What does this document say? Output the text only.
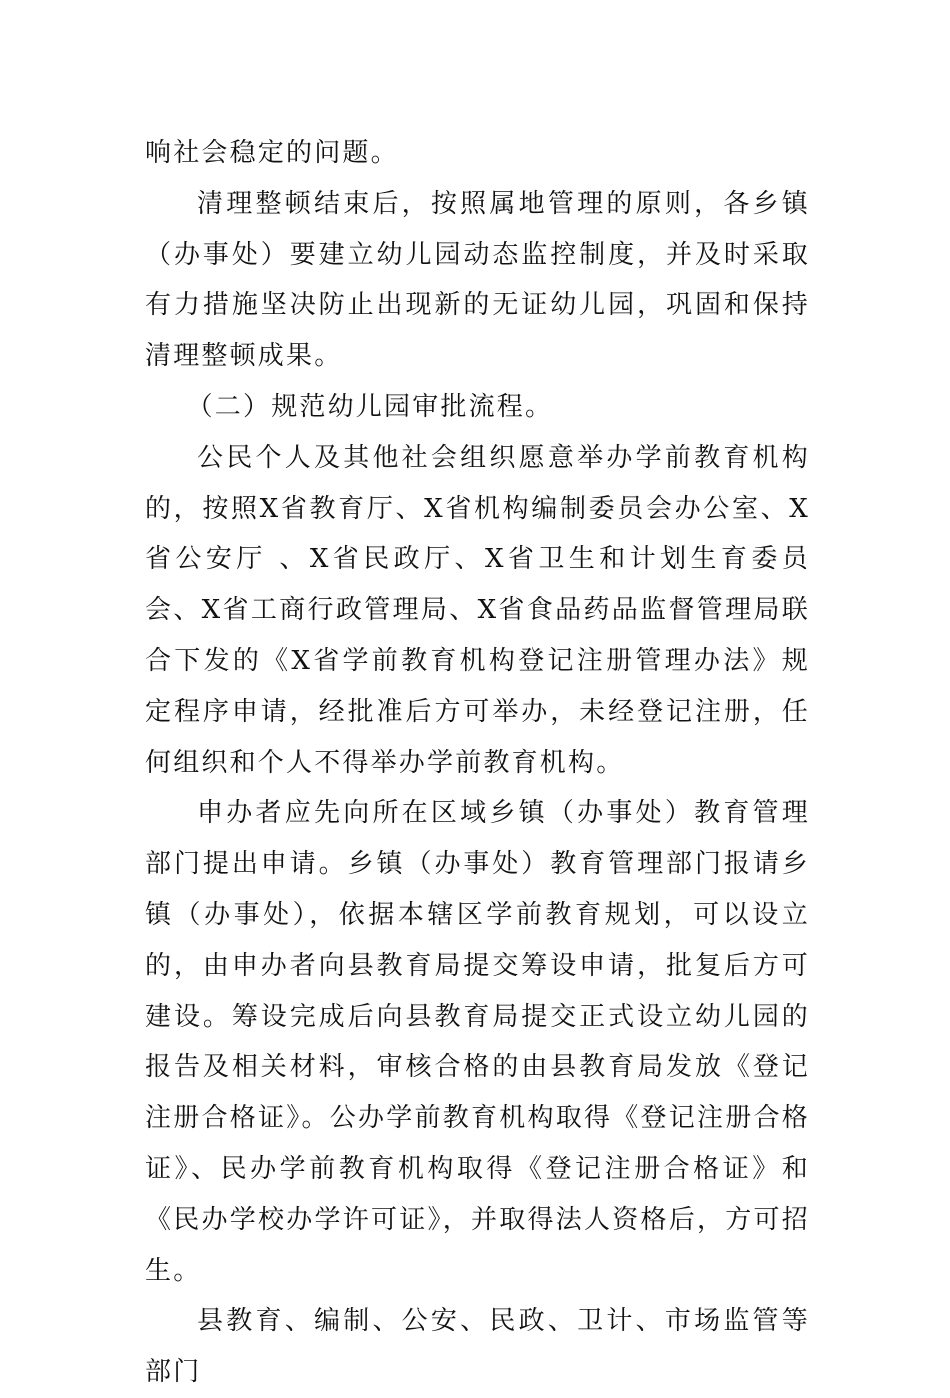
响社会稳定的问题。

清理整顿结束后，按照属地管理的原则，各乡镇（办事处）要建立幼儿园动态监控制度，并及时采取有力措施坚决防止出现新的无证幼儿园，巩固和保持清理整顿成果。

（二）规范幼儿园审批流程。

公民个人及其他社会组织愿意举办学前教育机构的，按照X省教育厅、X省机构编制委员会办公室、X省公安厅 、X省民政厅、X省卫生和计划生育委员会、X省工商行政管理局、X省食品药品监督管理局联合下发的《X省学前教育机构登记注册管理办法》规定程序申请，经批准后方可举办，未经登记注册，任何组织和个人不得举办学前教育机构。

申办者应先向所在区域乡镇（办事处）教育管理部门提出申请。乡镇（办事处）教育管理部门报请乡镇（办事处），依据本辖区学前教育规划，可以设立的，由申办者向县教育局提交筹设申请，批复后方可建设。筹设完成后向县教育局提交正式设立幼儿园的报告及相关材料，审核合格的由县教育局发放《登记注册合格证》。公办学前教育机构取得《登记注册合格证》、民办学前教育机构取得《登记注册合格证》和《民办学校办学许可证》，并取得法人资格后，方可招生。

县教育、编制、公安、民政、卫计、市场监管等部门
